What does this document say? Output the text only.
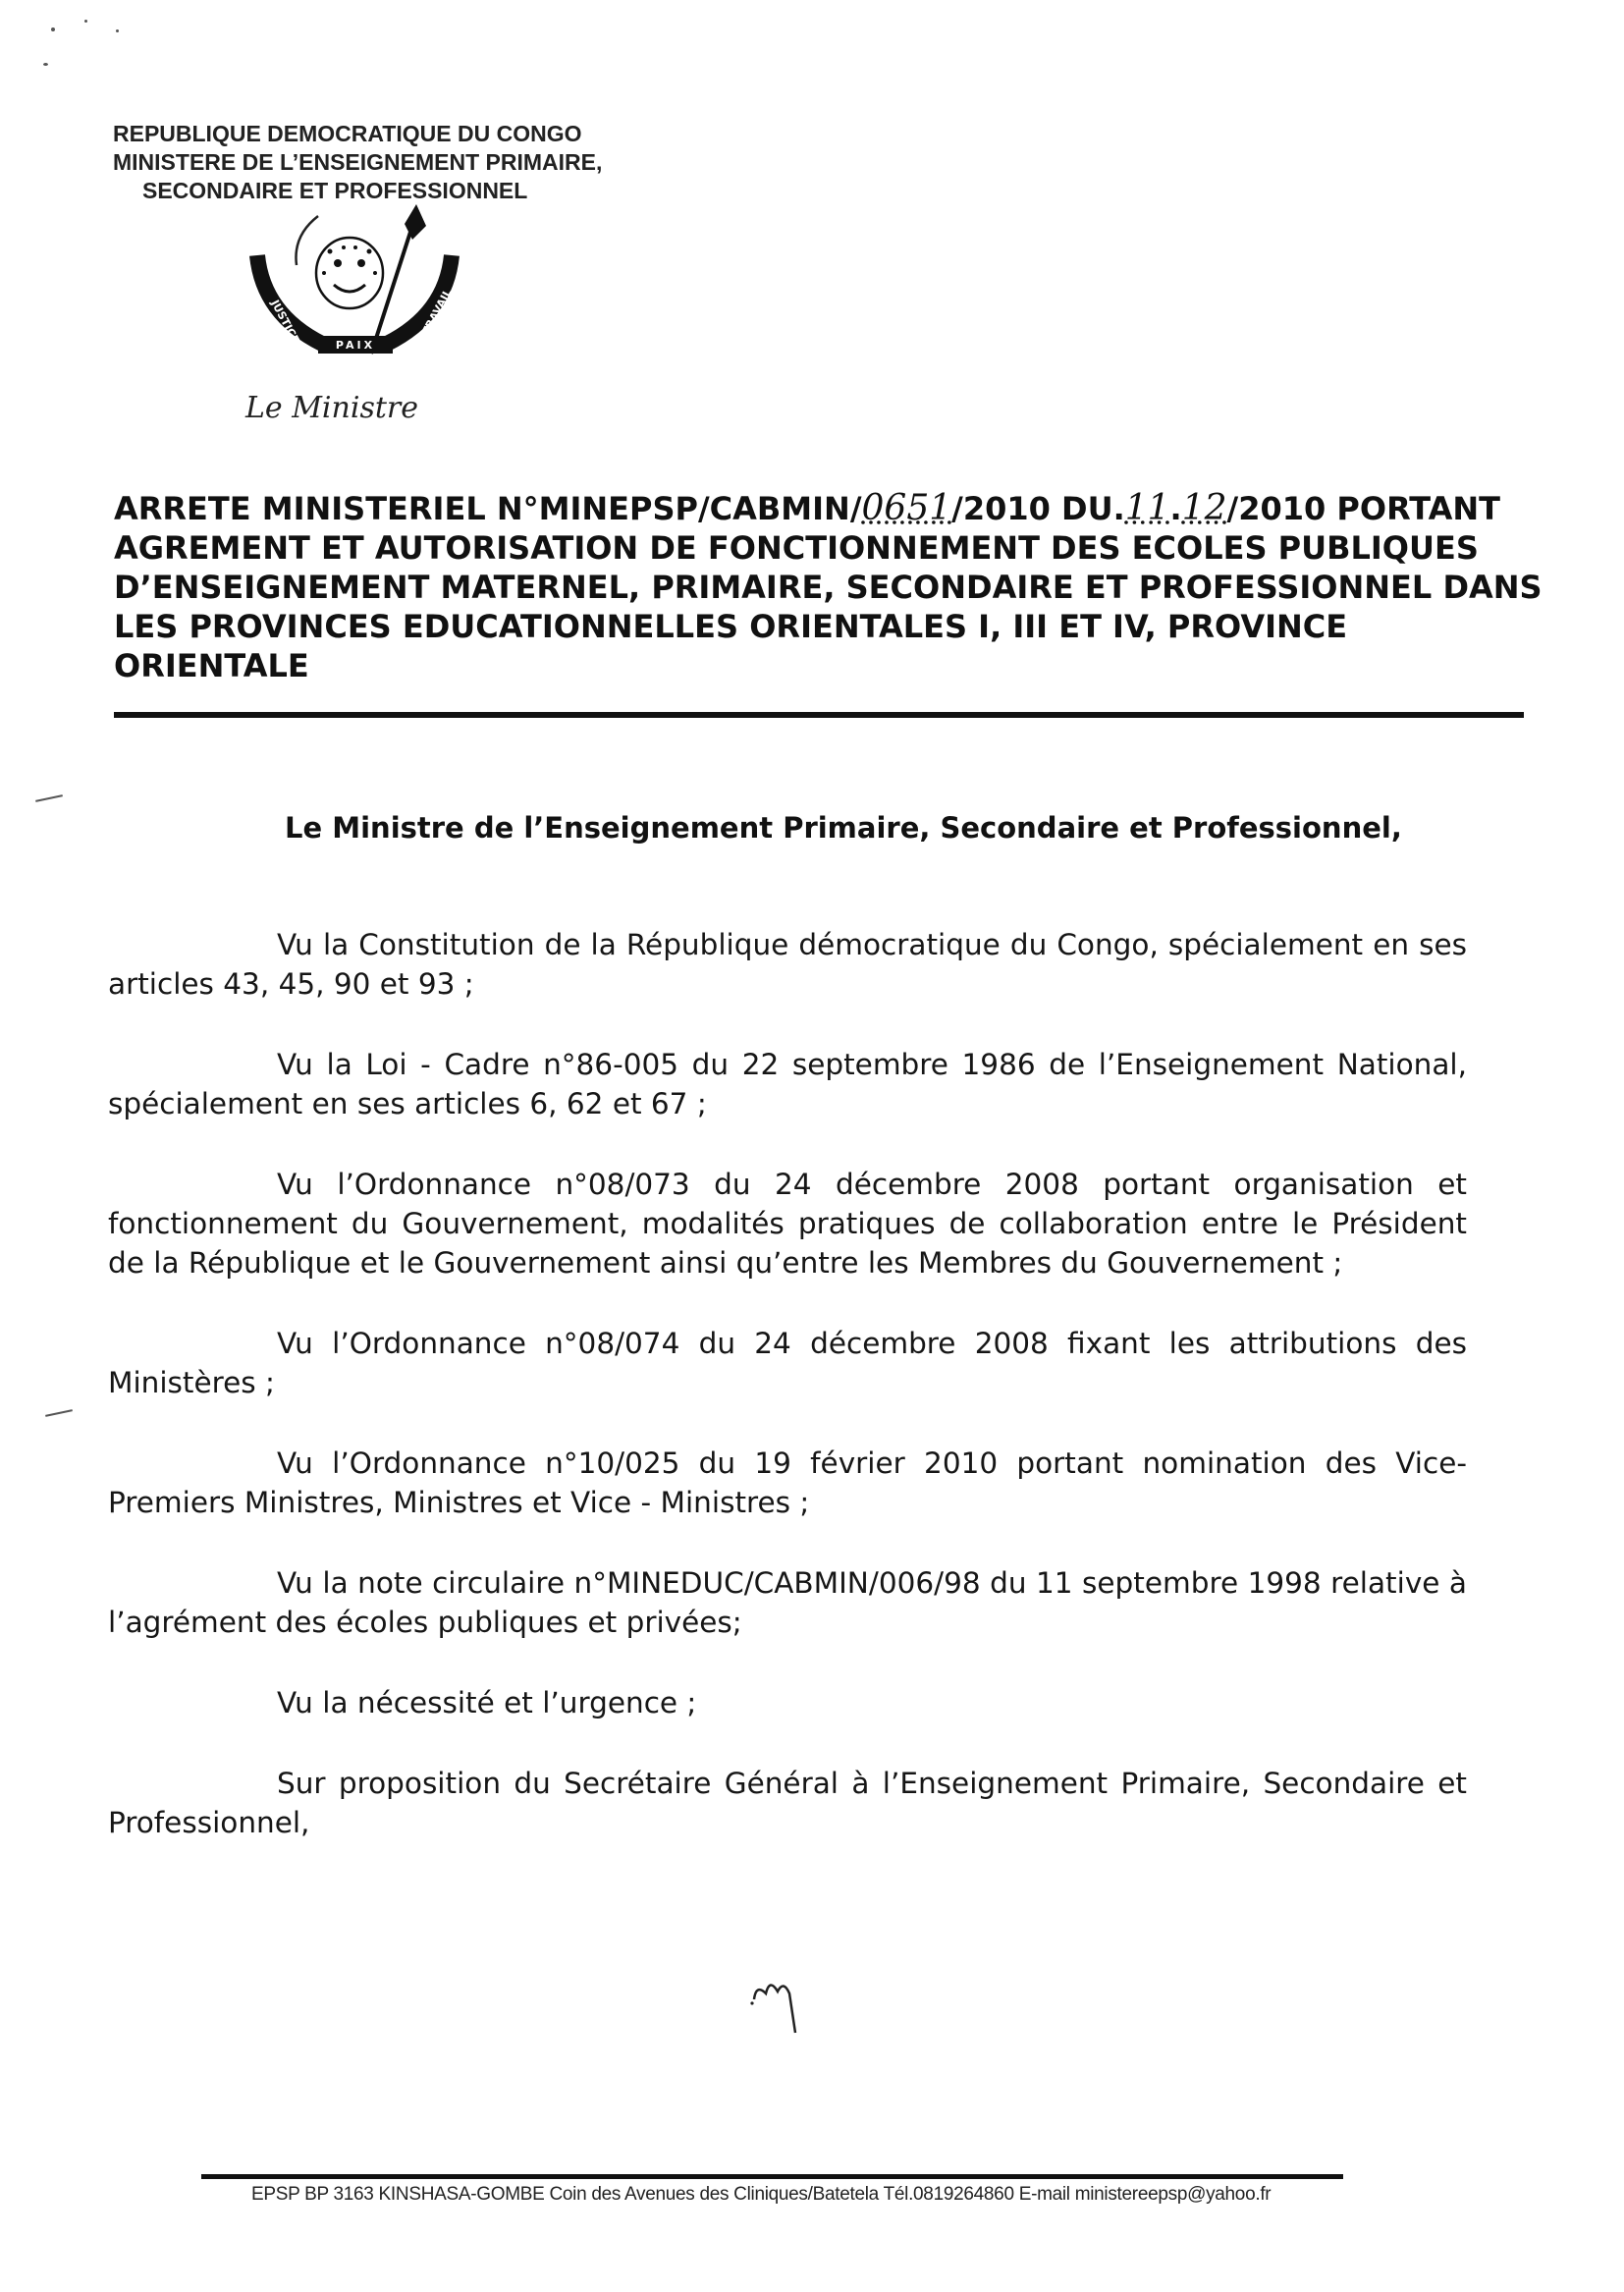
REPUBLIQUE DEMOCRATIQUE DU CONGO
MINISTERE DE L’ENSEIGNEMENT PRIMAIRE,
SECONDAIRE ET PROFESSIONNEL
JUSTICE	PAIX
TRAVAIL
Le Ministre
ARRETE MINISTERIEL N°MINEPSP/CABMIN/0651/2010 DU.11.12/2010 PORTANT
AGREMENT ET AUTORISATION DE FONCTIONNEMENT DES ECOLES PUBLIQUES
D’ENSEIGNEMENT MATERNEL, PRIMAIRE, SECONDAIRE ET PROFESSIONNEL DANS
LES PROVINCES EDUCATIONNELLES ORIENTALES I, III ET IV, PROVINCE
ORIENTALE
Le Ministre de l’Enseignement Primaire, Secondaire et Professionnel,

Vu la Constitution de la République démocratique du Congo, spécialement en ses articles 43, 45, 90 et 93 ;

Vu la Loi - Cadre n°86-005 du 22 septembre 1986 de l’Enseignement National, spécialement en ses articles 6, 62 et 67 ;

Vu l’Ordonnance n°08/073 du 24 décembre 2008 portant organisation et fonctionnement du Gouvernement, modalités pratiques de collaboration entre le Président de la République et le Gouvernement ainsi qu’entre les Membres du Gouvernement ;

Vu l’Ordonnance n°08/074 du 24 décembre 2008 fixant les attributions des Ministères ;

Vu l’Ordonnance n°10/025 du 19 février 2010 portant nomination des Vice-Premiers Ministres, Ministres et Vice - Ministres ;

Vu la note circulaire n°MINEDUC/CABMIN/006/98 du 11 septembre 1998 relative à l’agrément des écoles publiques et privées;

Vu la nécessité et l’urgence ;

Sur proposition du Secrétaire Général à l’Enseignement Primaire, Secondaire et Professionnel,

EPSP BP 3163 KINSHASA-GOMBE Coin des Avenues des Cliniques/Batetela Tél.0819264860 E-mail ministereepsp@yahoo.fr
